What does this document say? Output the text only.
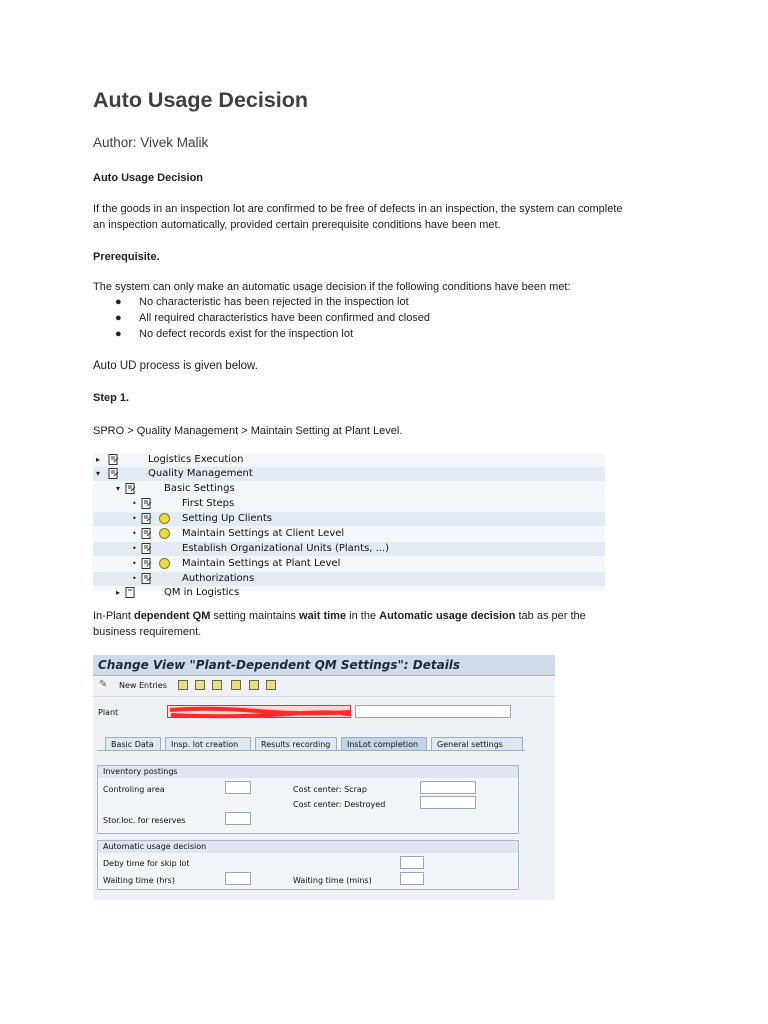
Auto Usage Decision
Author: Vivek Malik

Auto Usage Decision

If the goods in an inspection lot are confirmed to be free of defects in an inspection, the system can complete

an inspection automatically, provided certain prerequisite conditions have been met.

Prerequisite.

The system can only make an automatic usage decision if the following conditions have been met:

● No characteristic has been rejected in the inspection lot
● All required characteristics have been confirmed and closed
● No defect records exist for the inspection lot

Auto UD process is given below.

Step 1.

SPRO > Quality Management > Maintain Setting at Plant Level.

▸	Logistics Execution
▾	Quality Management
▾	Basic Settings
•	First Steps
•	Setting Up Clients
•	Maintain Settings at Client Level
•	Establish Organizational Units (Plants, ...)
•	Maintain Settings at Plant Level
•	Authorizations
▸	QM in Logistics

In-Plant dependent QM setting maintains wait time in the Automatic usage decision tab as per the

business requirement.

Change View "Plant-Dependent QM Settings": Details
✎ New Entries
Plant
Basic Data	Insp. lot creation	Results recording	InsLot completion	General settings
Inventory postings
Controling area	Cost center: Scrap
Cost center: Destroyed
Stor.loc. for reserves
Automatic usage decision
Deby time for skip lot
Waiting time (hrs)	Waiting time (mins)
